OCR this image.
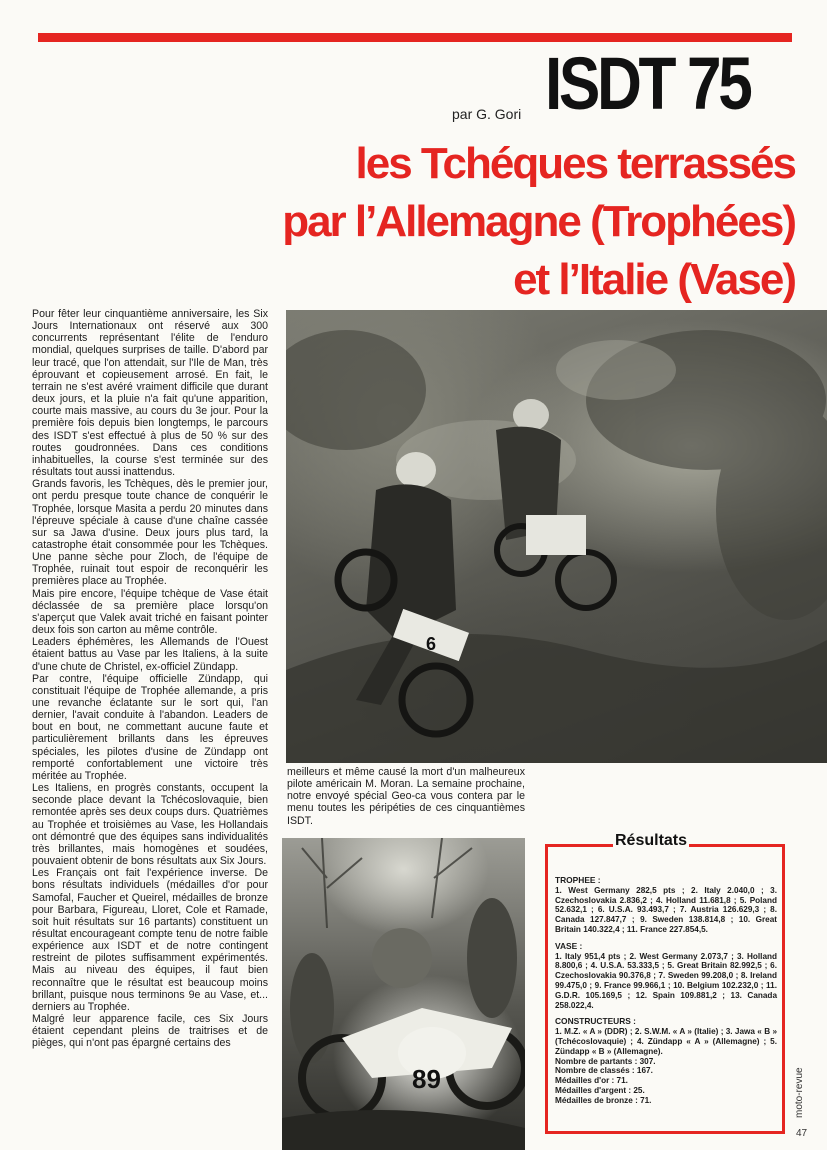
par G. Gori ISDT 75
les Tchéques terrassés
par l’Allemagne (Trophées)
et l’Italie (Vase)

Pour fêter leur cinquantième anniversaire, les Six Jours Internationaux ont réservé aux 300 concurrents représentant l'élite de l'enduro mondial, quelques surprises de taille. D'abord par leur tracé, que l'on attendait, sur l'Ile de Man, très éprouvant et copieusement arrosé. En fait, le terrain ne s'est avéré vraiment difficile que durant deux jours, et la pluie n'a fait qu'une apparition, courte mais massive, au cours du 3e jour. Pour la première fois depuis bien longtemps, le parcours des ISDT s'est effectué à plus de 50 % sur des routes goudronnées. Dans ces conditions inhabituelles, la course s'est terminée sur des résultats tout aussi inattendus.

Grands favoris, les Tchèques, dès le premier jour, ont perdu presque toute chance de conquérir le Trophée, lorsque Masita a perdu 20 minutes dans l'épreuve spéciale à cause d'une chaîne cassée sur sa Jawa d'usine. Deux jours plus tard, la catastrophe était consommée pour les Tchèques. Une panne sèche pour Zloch, de l'équipe de Trophée, ruinait tout espoir de reconquérir les premières place au Trophée.

Mais pire encore, l'équipe tchèque de Vase était déclassée de sa première place lorsqu'on s'aperçut que Valek avait triché en faisant pointer deux fois son carton au même contrôle.

Leaders éphémères, les Allemands de l'Ouest étaient battus au Vase par les Italiens, à la suite d'une chute de Christel, ex-officiel Zündapp.

Par contre, l'équipe officielle Zündapp, qui constituait l'équipe de Trophée allemande, a pris une revanche éclatante sur le sort qui, l'an dernier, l'avait conduite à l'abandon. Leaders de bout en bout, ne commettant aucune faute et particulièrement brillants dans les épreuves spéciales, les pilotes d'usine de Zündapp ont remporté confortablement une victoire très méritée au Trophée.

Les Italiens, en progrès constants, occupent la seconde place devant la Tchécoslovaquie, bien remontée après ses deux coups durs. Quatrièmes au Trophée et troisièmes au Vase, les Hollandais ont démontré que des équipes sans individualités très brillantes, mais homogènes et soudées, pouvaient obtenir de bons résultats aux Six Jours.

Les Français ont fait l'expérience inverse. De bons résultats individuels (médailles d'or pour Samofal, Faucher et Queirel, médailles de bronze pour Barbara, Figureau, Lloret, Cole et Ramade, soit huit résultats sur 16 partants) constituent un résultat encourageant compte tenu de notre faible expérience aux ISDT et de notre contingent restreint de pilotes suffisamment expérimentés. Mais au niveau des équipes, il faut bien reconnaître que le résultat est beaucoup moins brillant, puisque nous terminons 9e au Vase, et... derniers au Trophée.

Malgré leur apparence facile, ces Six Jours étaient cependant pleins de traitrises et de pièges, qui n'ont pas épargné certains des

6

meilleurs et même causé la mort d'un malheureux pilote américain M. Moran. La semaine prochaine, notre envoyé spécial Geo-ca vous contera par le menu toutes les péripéties de ces cinquantièmes ISDT.

89
Résultats
TROPHEE :

1. West Germany 282,5 pts ; 2. Italy 2.040,0 ; 3. Czechoslovakia 2.836,2 ; 4. Holland 11.681,8 ; 5. Poland 52.632,1 ; 6. U.S.A. 93.493,7 ; 7. Austria 126.629,3 ; 8. Canada 127.847,7 ; 9. Sweden 138.814,8 ; 10. Great Britain 140.322,4 ; 11. France 227.854,5.

VASE :

1. Italy 951,4 pts ; 2. West Germany 2.073,7 ; 3. Holland 8.800,6 ; 4. U.S.A. 53.333,5 ; 5. Great Britain 82.992,5 ; 6. Czechoslovakia 90.376,8 ; 7. Sweden 99.208,0 ; 8. Ireland 99.475,0 ; 9. France 99.966,1 ; 10. Belgium 102.232,0 ; 11. G.D.R. 105.169,5 ; 12. Spain 109.881,2 ; 13. Canada 258.022,4.

CONSTRUCTEURS :

1. M.Z. « A » (DDR) ; 2. S.W.M. « A » (Italie) ; 3. Jawa « B » (Tchécoslovaquie) ; 4. Zündapp « A » (Allemagne) ; 5. Zündapp « B » (Allemagne).

Nombre de partants : 307.

Nombre de classés : 167.

Médailles d'or : 71.

Médailles d'argent : 25.

Médailles de bronze : 71.	moto-revue
47
